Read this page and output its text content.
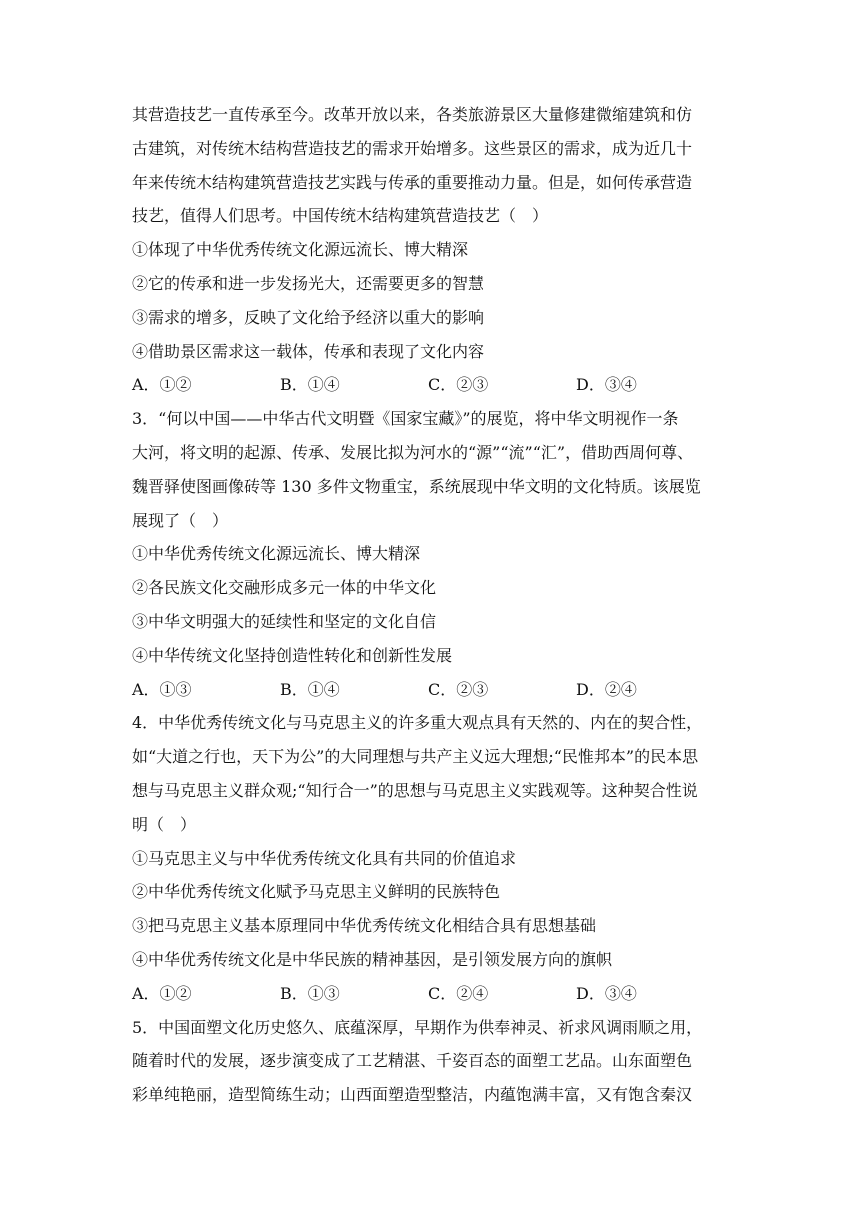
其营造技艺一直传承至今。改革开放以来，各类旅游景区大量修建微缩建筑和仿
古建筑，对传统木结构营造技艺的需求开始增多。这些景区的需求，成为近几十
年来传统木结构建筑营造技艺实践与传承的重要推动力量。但是，如何传承营造
技艺，值得人们思考。中国传统木结构建筑营造技艺（　）
①体现了中华优秀传统文化源远流长、博大精深
②它的传承和进一步发扬光大，还需要更多的智慧
③需求的增多，反映了文化给予经济以重大的影响
④借助景区需求这一载体，传承和表现了文化内容
A．①②	B．①④	C．②③	D．③④
3．“何以中国——中华古代文明暨《国家宝藏》”的展览，将中华文明视作一条
大河，将文明的起源、传承、发展比拟为河水的“源”“流”“汇”，借助西周何尊、
魏晋驿使图画像砖等 130 多件文物重宝，系统展现中华文明的文化特质。该展览
展现了（　）
①中华优秀传统文化源远流长、博大精深
②各民族文化交融形成多元一体的中华文化
③中华文明强大的延续性和坚定的文化自信
④中华传统文化坚持创造性转化和创新性发展
A．①③	B．①④	C．②③	D．②④
4．中华优秀传统文化与马克思主义的许多重大观点具有天然的、内在的契合性，
如“大道之行也，天下为公”的大同理想与共产主义远大理想;“民惟邦本”的民本思
想与马克思主义群众观;“知行合一”的思想与马克思主义实践观等。这种契合性说
明（　）
①马克思主义与中华优秀传统文化具有共同的价值追求
②中华优秀传统文化赋予马克思主义鲜明的民族特色
③把马克思主义基本原理同中华优秀传统文化相结合具有思想基础
④中华优秀传统文化是中华民族的精神基因，是引领发展方向的旗帜
A．①②	B．①③	C．②④	D．③④
5．中国面塑文化历史悠久、底蕴深厚，早期作为供奉神灵、祈求风调雨顺之用，
随着时代的发展，逐步演变成了工艺精湛、千姿百态的面塑工艺品。山东面塑色
彩单纯艳丽，造型简练生动；山西面塑造型整洁，内蕴饱满丰富，又有饱含秦汉
